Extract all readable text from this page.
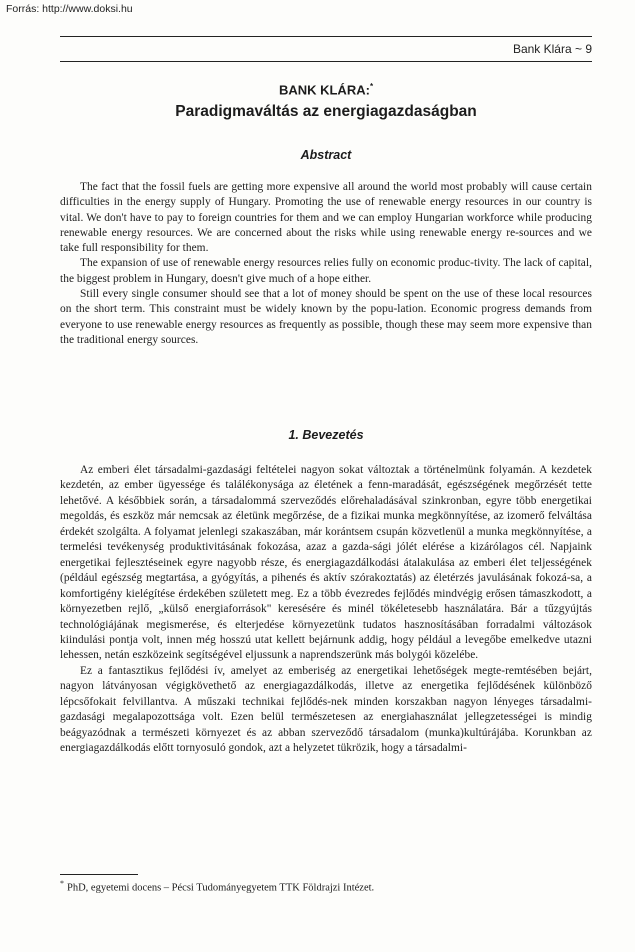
Forrás: http://www.doksi.hu
Bank Klára ~ 9
BANK KLÁRA:*
Paradigmaváltás az energiagazdaságban
Abstract

The fact that the fossil fuels are getting more expensive all around the world most probably will cause certain difficulties in the energy supply of Hungary. Promoting the use of renewable energy resources in our country is vital. We don't have to pay to foreign countries for them and we can employ Hungarian workforce while producing renewable energy resources. We are concerned about the risks while using renewable energy re-sources and we take full responsibility for them.

The expansion of use of renewable energy resources relies fully on economic produc-tivity. The lack of capital, the biggest problem in Hungary, doesn't give much of a hope either.

Still every single consumer should see that a lot of money should be spent on the use of these local resources on the short term. This constraint must be widely known by the popu-lation. Economic progress demands from everyone to use renewable energy resources as frequently as possible, though these may seem more expensive than the traditional energy sources.

1. Bevezetés

Az emberi élet társadalmi-gazdasági feltételei nagyon sokat változtak a történelmünk folyamán. A kezdetek kezdetén, az ember ügyessége és találékonysága az életének a fenn-maradását, egészségének megőrzését tette lehetővé. A későbbiek során, a társadalommá szerveződés előrehaladásával szinkronban, egyre több energetikai megoldás, és eszköz már nemcsak az életünk megőrzése, de a fizikai munka megkönnyítése, az izomerő felváltása érdekét szolgálta. A folyamat jelenlegi szakaszában, már korántsem csupán közvetlenül a munka megkönnyítése, a termelési tevékenység produktivitásának fokozása, azaz a gazda-sági jólét elérése a kizárólagos cél. Napjaink energetikai fejlesztéseinek egyre nagyobb része, és energiagazdálkodási átalakulása az emberi élet teljességének (például egészség megtartása, a gyógyítás, a pihenés és aktív szórakoztatás) az életérzés javulásának fokozá-sa, a komfortigény kielégítése érdekében született meg. Ez a több évezredes fejlődés mindvégig erősen támaszkodott, a környezetben rejlő, „külső energiaforrások" keresésére és minél tökéletesebb használatára. Bár a tűzgyújtás technológiájának megismerése, és elterjedése környezetünk tudatos hasznosításában forradalmi változások kiindulási pontja volt, innen még hosszú utat kellett bejárnunk addig, hogy például a levegőbe emelkedve utazni lehessen, netán eszközeink segítségével eljussunk a naprendszerünk más bolygói közelébe.

Ez a fantasztikus fejlődési ív, amelyet az emberiség az energetikai lehetőségek megte-remtésében bejárt, nagyon látványosan végigkövethető az energiagazdálkodás, illetve az energetika fejlődésének különböző lépcsőfokait felvillantva. A műszaki technikai fejlődés-nek minden korszakban nagyon lényeges társadalmi-gazdasági megalapozottsága volt. Ezen belül természetesen az energiahasználat jellegzetességei is mindig beágyazódnak a természeti környezet és az abban szerveződő társadalom (munka)kultúrájába. Korunkban az energiagazdálkodás előtt tornyosuló gondok, azt a helyzetet tükrözik, hogy a társadalmi-

* PhD, egyetemi docens – Pécsi Tudományegyetem TTK Földrajzi Intézet.
